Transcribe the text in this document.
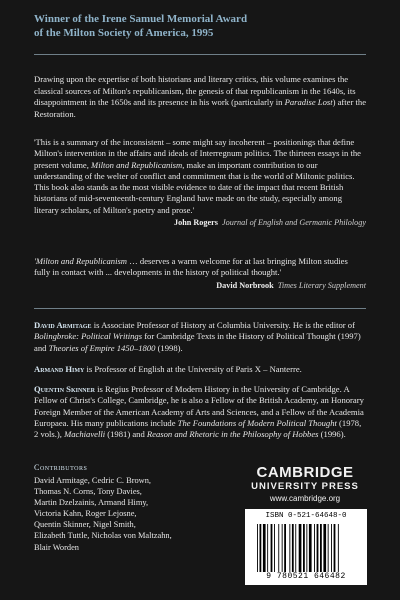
Winner of the Irene Samuel Memorial Award
of the Milton Society of America, 1995
Drawing upon the expertise of both historians and literary critics, this volume examines the classical sources of Milton's republicanism, the genesis of that republicanism in the 1640s, its disappointment in the 1650s and its presence in his work (particularly in Paradise Lost) after the Restoration.
'This is a summary of the inconsistent – some might say incoherent – positionings that define Milton's intervention in the affairs and ideals of Interregnum politics. The thirteen essays in the present volume, Milton and Republicanism, make an important contribution to our understanding of the welter of conflict and commitment that is the world of Miltonic politics. This book also stands as the most visible evidence to date of the impact that recent British historians of mid-seventeenth-century England have made on the study, especially among literary scholars, of Milton's poetry and prose.'
John Rogers Journal of English and Germanic Philology
'Milton and Republicanism … deserves a warm welcome for at last bringing Milton studies fully in contact with ... developments in the history of political thought.'
David Norbrook Times Literary Supplement
David Armitage is Associate Professor of History at Columbia University. He is the editor of Bolingbroke: Political Writings for Cambridge Texts in the History of Political Thought (1997) and Theories of Empire 1450–1800 (1998).
Armand Himy is Professor of English at the University of Paris X – Nanterre.
Quentin Skinner is Regius Professor of Modern History in the University of Cambridge. A Fellow of Christ's College, Cambridge, he is also a Fellow of the British Academy, an Honorary Foreign Member of the American Academy of Arts and Sciences, and a Fellow of the Academia Europaea. His many publications include The Foundations of Modern Political Thought (1978, 2 vols.), Machiavelli (1981) and Reason and Rhetoric in the Philosophy of Hobbes (1996).
Contributors
David Armitage, Cedric C. Brown,
Thomas N. Corns, Tony Davies,
Martin Dzelzainis, Armand Himy,
Victoria Kahn, Roger Lejosne,
Quentin Skinner, Nigel Smith,
Elizabeth Tuttle, Nicholas von Maltzahn,
Blair Worden
CAMBRIDGE
UNIVERSITY PRESS
www.cambridge.org
ISBN 0-521-64648-0
9 780521 646482
